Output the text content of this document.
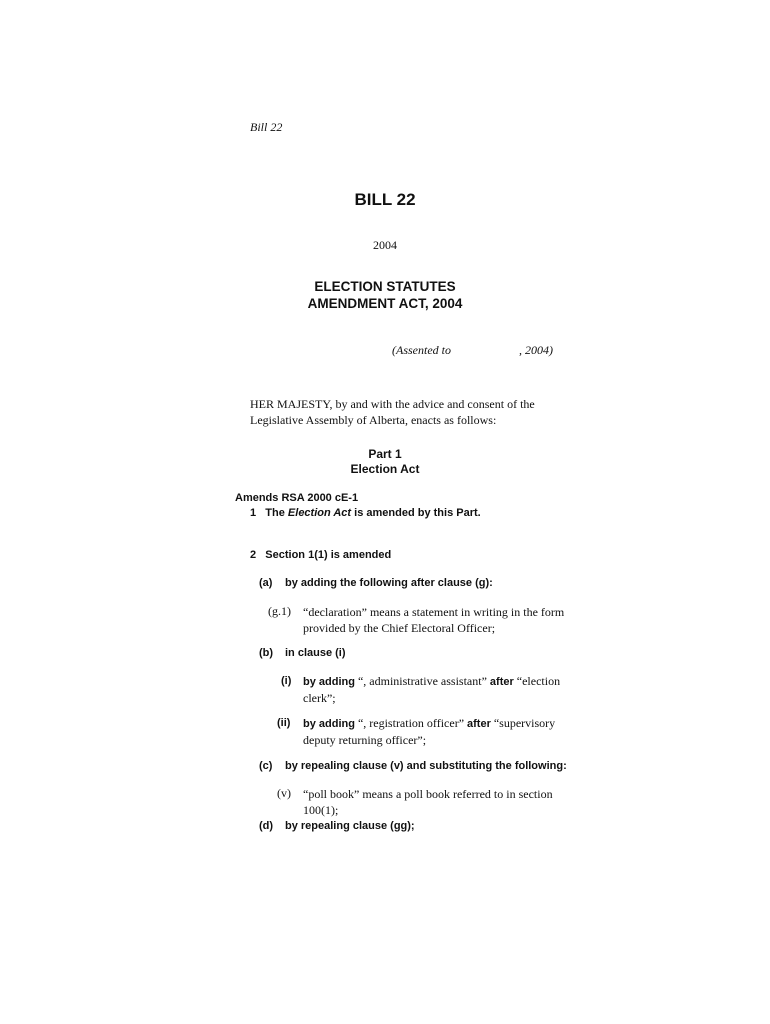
Bill 22
BILL 22
2004
ELECTION STATUTES
AMENDMENT ACT, 2004
(Assented to	, 2004)
HER MAJESTY, by and with the advice and consent of the
Legislative Assembly of Alberta, enacts as follows:
Part 1
Election Act
Amends RSA 2000 cE-1
1 The Election Act is amended by this Part.
2 Section 1(1) is amended
(a) by adding the following after clause (g):
(g.1) “declaration” means a statement in writing in the form
provided by the Chief Electoral Officer;
(b) in clause (i)
(i) by adding “, administrative assistant” after “election
clerk”;
(ii) by adding “, registration officer” after “supervisory
deputy returning officer”;
(c) by repealing clause (v) and substituting the following:
(v) “poll book” means a poll book referred to in section
100(1);
(d) by repealing clause (gg);
